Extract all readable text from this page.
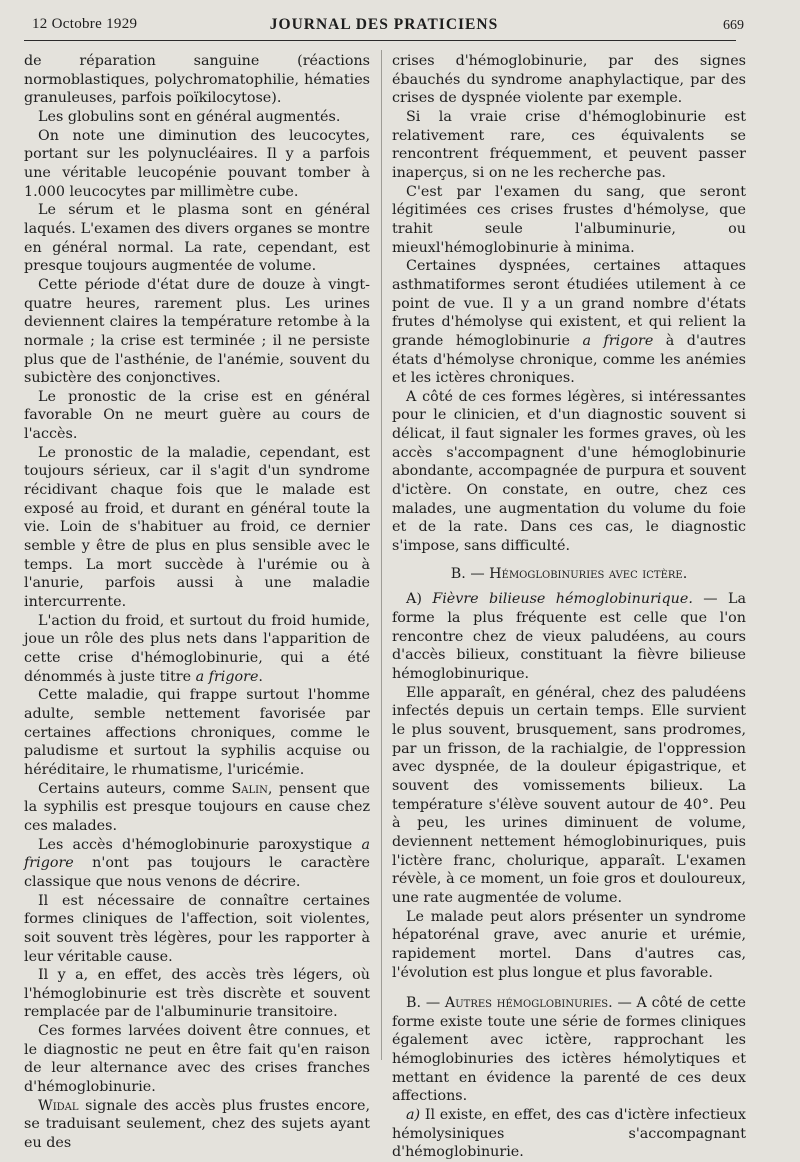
12 Octobre 1929	JOURNAL DES PRATICIENS	669

de réparation sanguine (réactions normoblastiques, polychromatophilie, hématies granuleuses, parfois poïkilocytose).

Les globulins sont en général augmentés.

On note une diminution des leucocytes, portant sur les polynucléaires. Il y a parfois une véritable leucopénie pouvant tomber à 1.000 leucocytes par millimètre cube.

Le sérum et le plasma sont en général laqués. L'examen des divers organes se montre en général normal. La rate, cependant, est presque toujours augmentée de volume.

Cette période d'état dure de douze à vingt-quatre heures, rarement plus. Les urines deviennent claires la température retombe à la normale ; la crise est terminée ; il ne persiste plus que de l'asthénie, de l'anémie, souvent du subictère des conjonctives.

Le pronostic de la crise est en général favorable On ne meurt guère au cours de l'accès.

Le pronostic de la maladie, cependant, est toujours sérieux, car il s'agit d'un syndrome récidivant chaque fois que le malade est exposé au froid, et durant en général toute la vie. Loin de s'habituer au froid, ce dernier semble y être de plus en plus sensible avec le temps. La mort succède à l'urémie ou à l'anurie, parfois aussi à une maladie intercurrente.

L'action du froid, et surtout du froid humide, joue un rôle des plus nets dans l'apparition de cette crise d'hémoglobinurie, qui a été dénommés à juste titre a frigore.

Cette maladie, qui frappe surtout l'homme adulte, semble nettement favorisée par certaines affections chroniques, comme le paludisme et surtout la syphilis acquise ou héréditaire, le rhumatisme, l'uricémie.

Certains auteurs, comme Salin, pensent que la syphilis est presque toujours en cause chez ces malades.

Les accès d'hémoglobinurie paroxystique a frigore n'ont pas toujours le caractère classique que nous venons de décrire.

Il est nécessaire de connaître certaines formes cliniques de l'affection, soit violentes, soit souvent très légères, pour les rapporter à leur véritable cause.

Il y a, en effet, des accès très légers, où l'hémoglobinurie est très discrète et souvent remplacée par de l'albuminurie transitoire.

Ces formes larvées doivent être connues, et le diagnostic ne peut en être fait qu'en raison de leur alternance avec des crises franches d'hémoglobinurie.

Widal signale des accès plus frustes encore, se traduisant seulement, chez des sujets ayant eu des

crises d'hémoglobinurie, par des signes ébauchés du syndrome anaphylactique, par des crises de dyspnée violente par exemple.

Si la vraie crise d'hémoglobinurie est relativement rare, ces équivalents se rencontrent fréquemment, et peuvent passer inaperçus, si on ne les recherche pas.

C'est par l'examen du sang, que seront légitimées ces crises frustes d'hémolyse, que trahit seule l'albuminurie, ou mieuxl'hémoglobinurie à minima.

Certaines dyspnées, certaines attaques asthmatiformes seront étudiées utilement à ce point de vue. Il y a un grand nombre d'états frutes d'hémolyse qui existent, et qui relient la grande hémoglobinurie a frigore à d'autres états d'hémolyse chronique, comme les anémies et les ictères chroniques.

A côté de ces formes légères, si intéressantes pour le clinicien, et d'un diagnostic souvent si délicat, il faut signaler les formes graves, où les accès s'accompagnent d'une hémoglobinurie abondante, accompagnée de purpura et souvent d'ictère. On constate, en outre, chez ces malades, une augmentation du volume du foie et de la rate. Dans ces cas, le diagnostic s'impose, sans difficulté.

B. — Hémoglobinuries avec ictère.

A) Fièvre bilieuse hémoglobinurique. — La forme la plus fréquente est celle que l'on rencontre chez de vieux paludéens, au cours d'accès bilieux, constituant la fièvre bilieuse hémoglobinurique.

Elle apparaît, en général, chez des paludéens infectés depuis un certain temps. Elle survient le plus souvent, brusquement, sans prodromes, par un frisson, de la rachialgie, de l'oppression avec dyspnée, de la douleur épigastrique, et souvent des vomissements bilieux. La température s'élève souvent autour de 40°. Peu à peu, les urines diminuent de volume, deviennent nettement hémoglobinuriques, puis l'ictère franc, cholurique, apparaît. L'examen révèle, à ce moment, un foie gros et douloureux, une rate augmentée de volume.

Le malade peut alors présenter un syndrome hépatorénal grave, avec anurie et urémie, rapidement mortel. Dans d'autres cas, l'évolution est plus longue et plus favorable.

B. — Autres hémoglobinuries. — A côté de cette forme existe toute une série de formes cliniques également avec ictère, rapprochant les hémoglobinuries des ictères hémolytiques et mettant en évidence la parenté de ces deux affections.

a) Il existe, en effet, des cas d'ictère infectieux hémolysiniques s'accompagnant d'hémoglobinurie.
